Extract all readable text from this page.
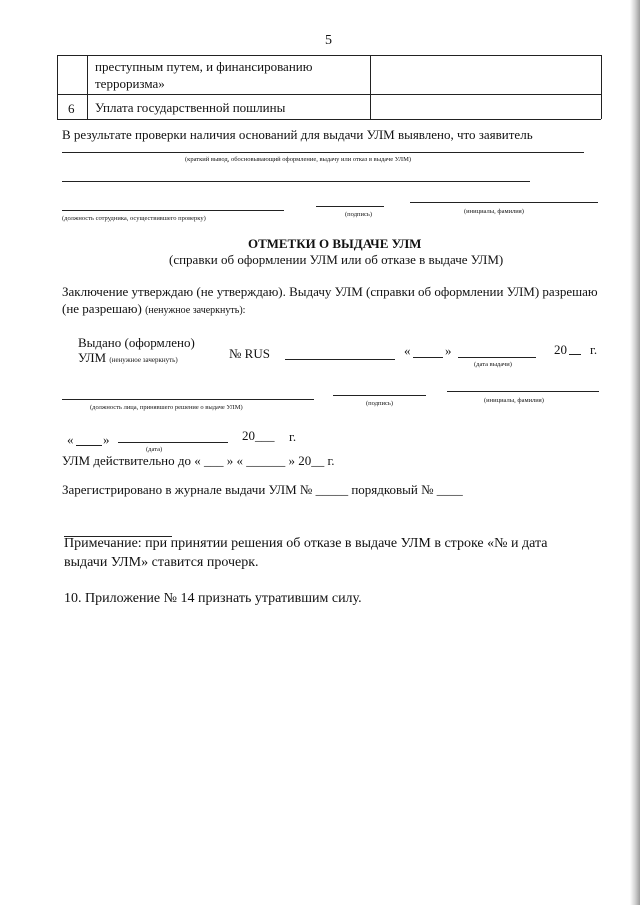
5
преступным путем, и финансированию
терроризма»
6 Уплата государственной пошлины
В результате проверки наличия оснований для выдачи УЛМ выявлено, что заявитель
(краткий вывод, обосновывающий оформление, выдачу или отказ в выдаче УЛМ)
(должность сотрудника, осуществившего проверку)
(подпись)	(инициалы, фамилия)
ОТМЕТКИ О ВЫДАЧЕ УЛМ
(справки об оформлении УЛМ или об отказе в выдаче УЛМ)
Заключение утверждаю (не утверждаю). Выдачу УЛМ (справки об оформлении УЛМ) разрешаю
(не разрешаю) (ненужное зачеркнуть):
Выдано (оформлено)
УЛМ (ненужное зачеркнуть)	№ RUS	«	»
(дата выдачи)
20 г.
(должность лица, принявшего решение о выдаче УЛМ)
(подпись)	(инициалы, фамилия)
« »
(дата)
20___ г.
УЛМ действительно до « ___ » « ______ » 20__ г.
Зарегистрировано в журнале выдачи УЛМ № _____ порядковый № ____
Примечание: при принятии решения об отказе в выдаче УЛМ в строке «№ и дата
выдачи УЛМ» ставится прочерк.
10. Приложение № 14 признать утратившим силу.
